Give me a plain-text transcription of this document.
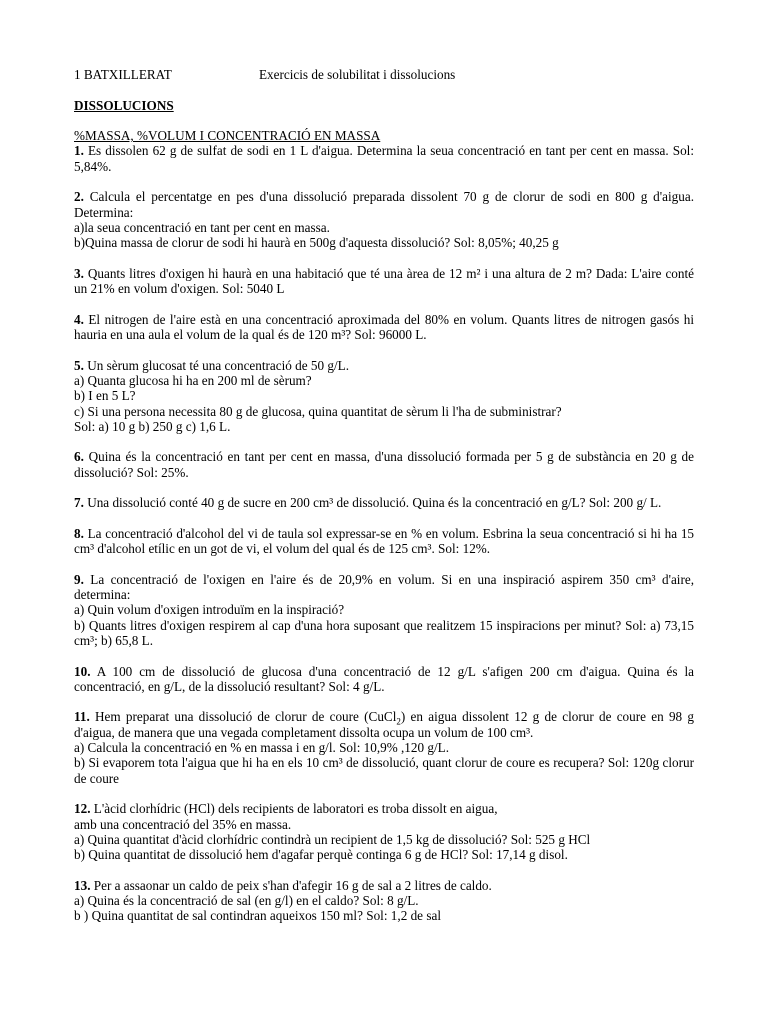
1 BATXILLERAT	Exercicis de solubilitat i dissolucions
DISSOLUCIONS
%MASSA, %VOLUM I CONCENTRACIÓ EN MASSA
1. Es dissolen 62 g de sulfat de sodi en 1 L d'aigua. Determina la seua concentració en tant per cent en massa. Sol: 5,84%.
2. Calcula el percentatge en pes d'una dissolució preparada dissolent 70 g de clorur de sodi en 800 g d'aigua. Determina:
a)la seua concentració en tant per cent en massa.
b)Quina massa de clorur de sodi hi haurà en 500g d'aquesta dissolució? Sol: 8,05%; 40,25 g
3. Quants litres d'oxigen hi haurà en una habitació que té una àrea de 12 m² i una altura de 2 m? Dada: L'aire conté un 21% en volum d'oxigen. Sol: 5040 L
4. El nitrogen de l'aire està en una concentració aproximada del 80% en volum. Quants litres de nitrogen gasós hi hauria en una aula el volum de la qual és de 120 m³? Sol: 96000 L.
5. Un sèrum glucosat té una concentració de 50 g/L.
a) Quanta glucosa hi ha en 200 ml de sèrum?
b) I en 5 L?
c) Si una persona necessita 80 g de glucosa, quina quantitat de sèrum li l'ha de subministrar?
Sol: a) 10 g b) 250 g c) 1,6 L.
6. Quina és la concentració en tant per cent en massa, d'una dissolució formada per 5 g de substància en 20 g de dissolució? Sol: 25%.
7. Una dissolució conté 40 g de sucre en 200 cm³ de dissolució. Quina és la concentració en g/L? Sol: 200 g/ L.
8. La concentració d'alcohol del vi de taula sol expressar-se en % en volum. Esbrina la seua concentració si hi ha 15 cm³ d'alcohol etílic en un got de vi, el volum del qual és de 125 cm³. Sol: 12%.
9. La concentració de l'oxigen en l'aire és de 20,9% en volum. Si en una inspiració aspirem 350 cm³ d'aire, determina:
a) Quin volum d'oxigen introduïm en la inspiració?
b) Quants litres d'oxigen respirem al cap d'una hora suposant que realitzem 15 inspiracions per minut? Sol: a) 73,15 cm³; b) 65,8 L.
10. A 100 cm de dissolució de glucosa d'una concentració de 12 g/L s'afigen 200 cm d'aigua. Quina és la concentració, en g/L, de la dissolució resultant? Sol: 4 g/L.
11. Hem preparat una dissolució de clorur de coure (CuCl$_2$) en aigua dissolent 12 g de clorur de coure en 98 g d'aigua, de manera que una vegada completament dissolta ocupa un volum de 100 cm³.
a) Calcula la concentració en % en massa i en g/l. Sol: 10,9% ,120 g/L.
b) Si evaporem tota l'aigua que hi ha en els 10 cm³ de dissolució, quant clorur de coure es recupera? Sol: 120g clorur de coure
12. L'àcid clorhídric (HCl) dels recipients de laboratori es troba dissolt en aigua,
amb una concentració del 35% en massa.
a) Quina quantitat d'àcid clorhídric contindrà un recipient de 1,5 kg de dissolució? Sol: 525 g HCl
b) Quina quantitat de dissolució hem d'agafar perquè continga 6 g de HCl? Sol: 17,14 g disol.
13. Per a assaonar un caldo de peix s'han d'afegir 16 g de sal a 2 litres de caldo.
a) Quina és la concentració de sal (en g/l) en el caldo? Sol: 8 g/L.
b ) Quina quantitat de sal contindran aqueixos 150 ml? Sol: 1,2 de sal
